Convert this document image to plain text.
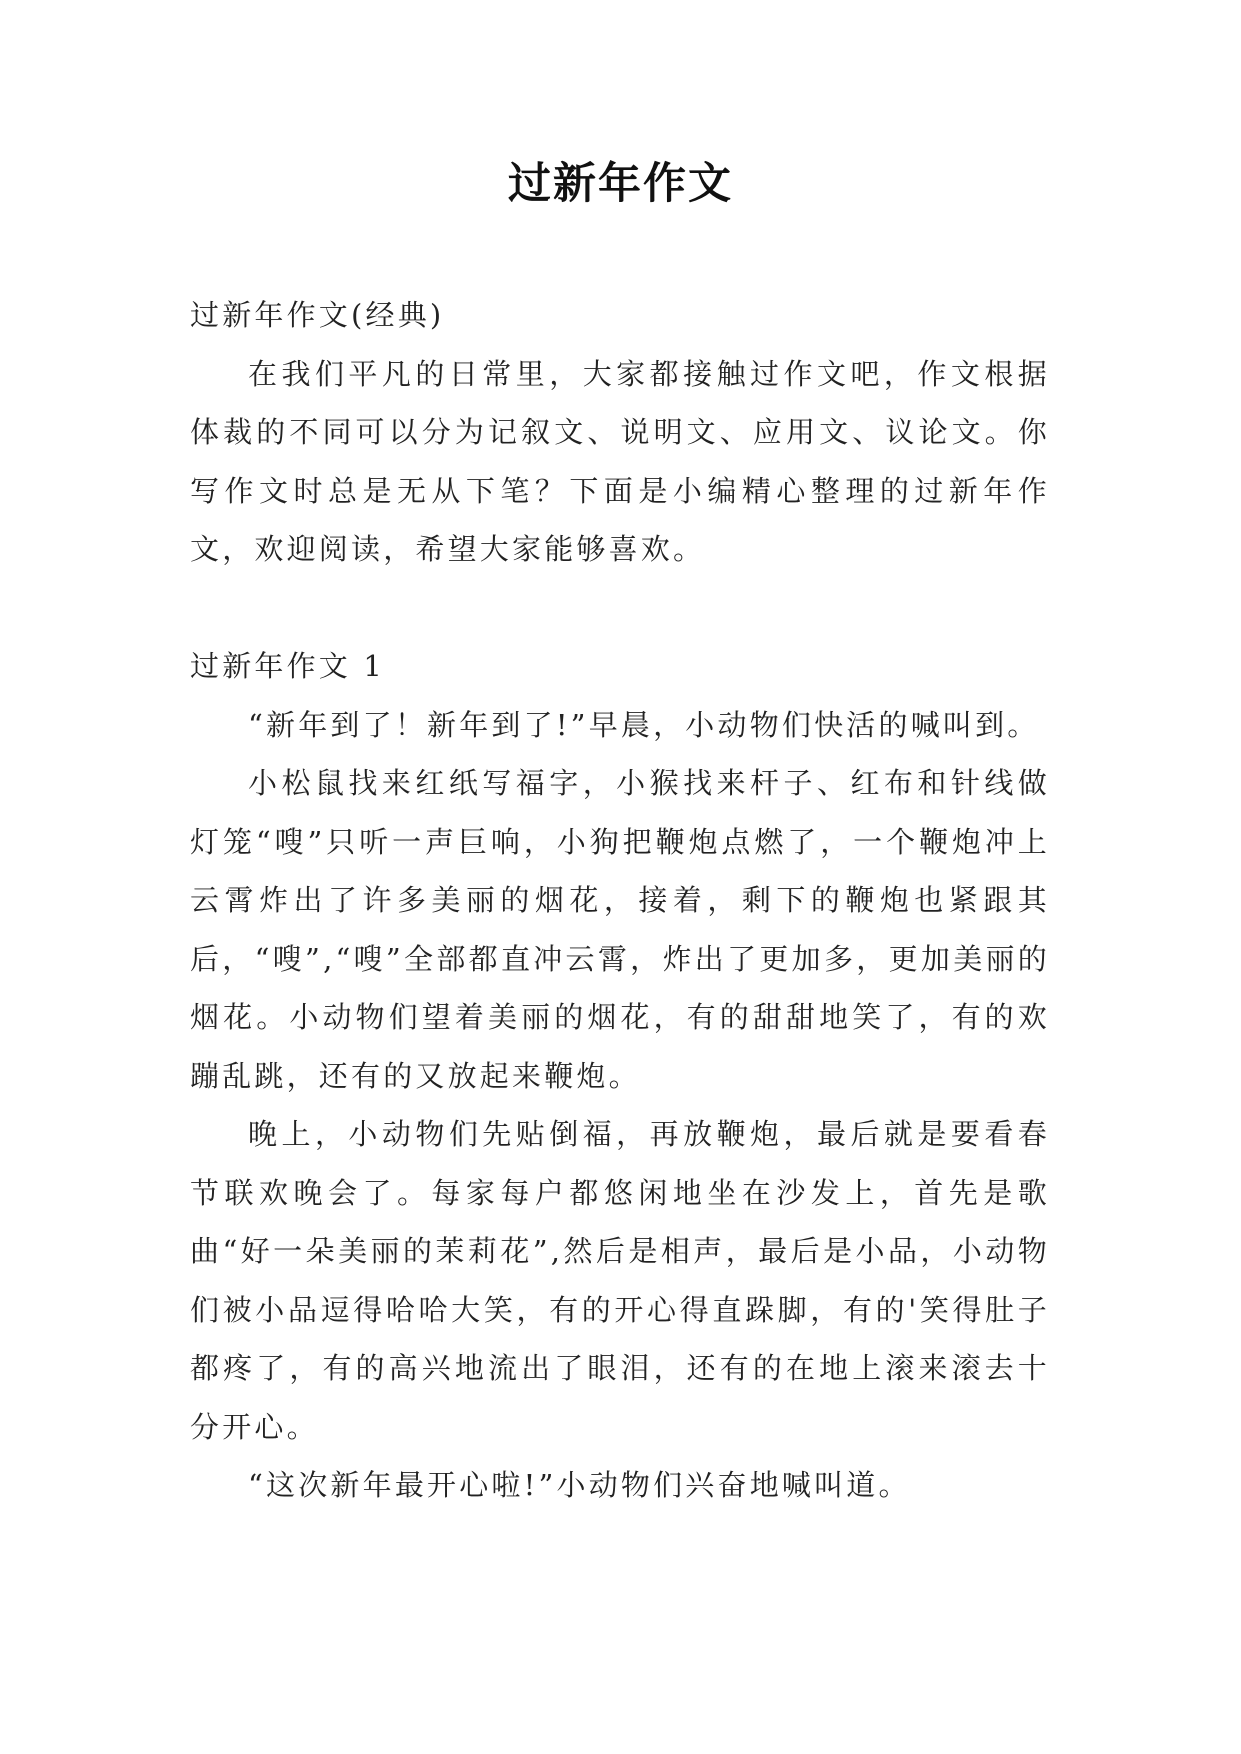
过新年作文

过新年作文(经典)

在我们平凡的日常里，大家都接触过作文吧，作文根据体裁的不同可以分为记叙文、说明文、应用文、议论文。你写作文时总是无从下笔？下面是小编精心整理的过新年作文，欢迎阅读，希望大家能够喜欢。

过新年作文 1

“新年到了！新年到了!”早晨，小动物们快活的喊叫到。

小松鼠找来红纸写福字，小猴找来杆子、红布和针线做灯笼“嗖”只听一声巨响，小狗把鞭炮点燃了，一个鞭炮冲上云霄炸出了许多美丽的烟花，接着，剩下的鞭炮也紧跟其后，“嗖”,“嗖”全部都直冲云霄，炸出了更加多，更加美丽的烟花。小动物们望着美丽的烟花，有的甜甜地笑了，有的欢蹦乱跳，还有的又放起来鞭炮。

晚上，小动物们先贴倒福，再放鞭炮，最后就是要看春节联欢晚会了。每家每户都悠闲地坐在沙发上，首先是歌曲“好一朵美丽的茉莉花”,然后是相声，最后是小品，小动物们被小品逗得哈哈大笑，有的开心得直跺脚，有的'笑得肚子都疼了，有的高兴地流出了眼泪，还有的在地上滚来滚去十分开心。

“这次新年最开心啦!”小动物们兴奋地喊叫道。
